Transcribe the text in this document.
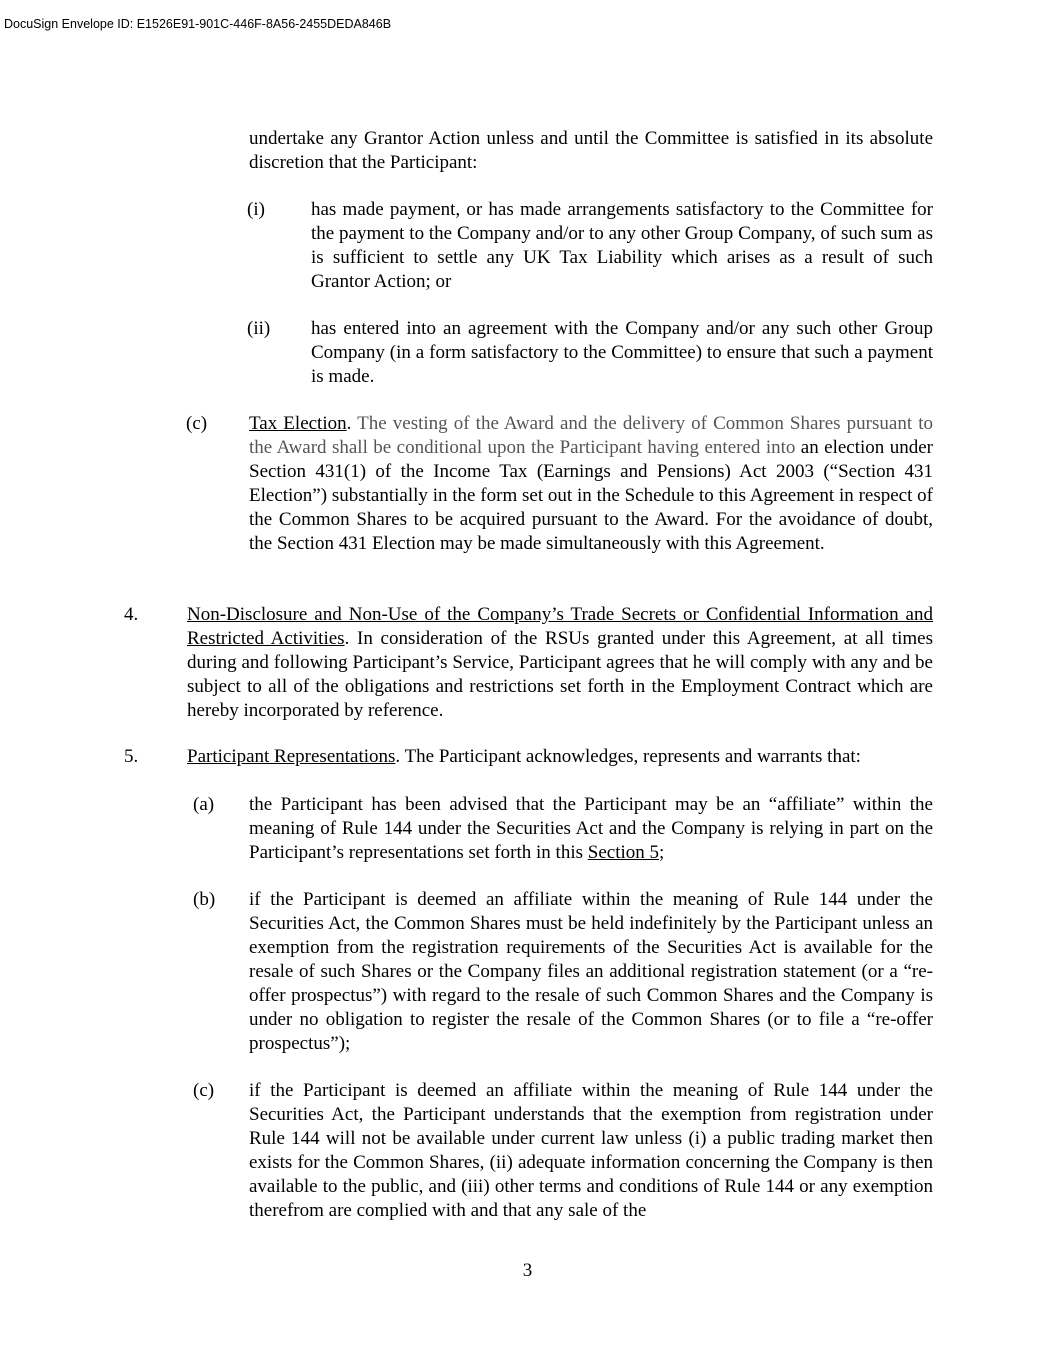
DocuSign Envelope ID: E1526E91-901C-446F-8A56-2455DEDA846B
undertake any Grantor Action unless and until the Committee is satisfied in its absolute discretion that the Participant:
(i) has made payment, or has made arrangements satisfactory to the Committee for the payment to the Company and/or to any other Group Company, of such sum as is sufficient to settle any UK Tax Liability which arises as a result of such Grantor Action; or
(ii) has entered into an agreement with the Company and/or any such other Group Company (in a form satisfactory to the Committee) to ensure that such a payment is made.
(c) Tax Election. The vesting of the Award and the delivery of Common Shares pursuant to the Award shall be conditional upon the Participant having entered into an election under Section 431(1) of the Income Tax (Earnings and Pensions) Act 2003 (“Section 431 Election”) substantially in the form set out in the Schedule to this Agreement in respect of the Common Shares to be acquired pursuant to the Award. For the avoidance of doubt, the Section 431 Election may be made simultaneously with this Agreement.
4.	Non-Disclosure and Non-Use of the Company’s Trade Secrets or Confidential Information and Restricted Activities. In consideration of the RSUs granted under this Agreement, at all times during and following Participant’s Service, Participant agrees that he will comply with any and be subject to all of the obligations and restrictions set forth in the Employment Contract which are hereby incorporated by reference.
5.	Participant Representations. The Participant acknowledges, represents and warrants that:
(a) the Participant has been advised that the Participant may be an “affiliate” within the meaning of Rule 144 under the Securities Act and the Company is relying in part on the Participant’s representations set forth in this Section 5;
(b) if the Participant is deemed an affiliate within the meaning of Rule 144 under the Securities Act, the Common Shares must be held indefinitely by the Participant unless an exemption from the registration requirements of the Securities Act is available for the resale of such Shares or the Company files an additional registration statement (or a “re-offer prospectus”) with regard to the resale of such Common Shares and the Company is under no obligation to register the resale of the Common Shares (or to file a “re-offer prospectus”);
(c) if the Participant is deemed an affiliate within the meaning of Rule 144 under the Securities Act, the Participant understands that the exemption from registration under Rule 144 will not be available under current law unless (i) a public trading market then exists for the Common Shares, (ii) adequate information concerning the Company is then available to the public, and (iii) other terms and conditions of Rule 144 or any exemption therefrom are complied with and that any sale of the
3
